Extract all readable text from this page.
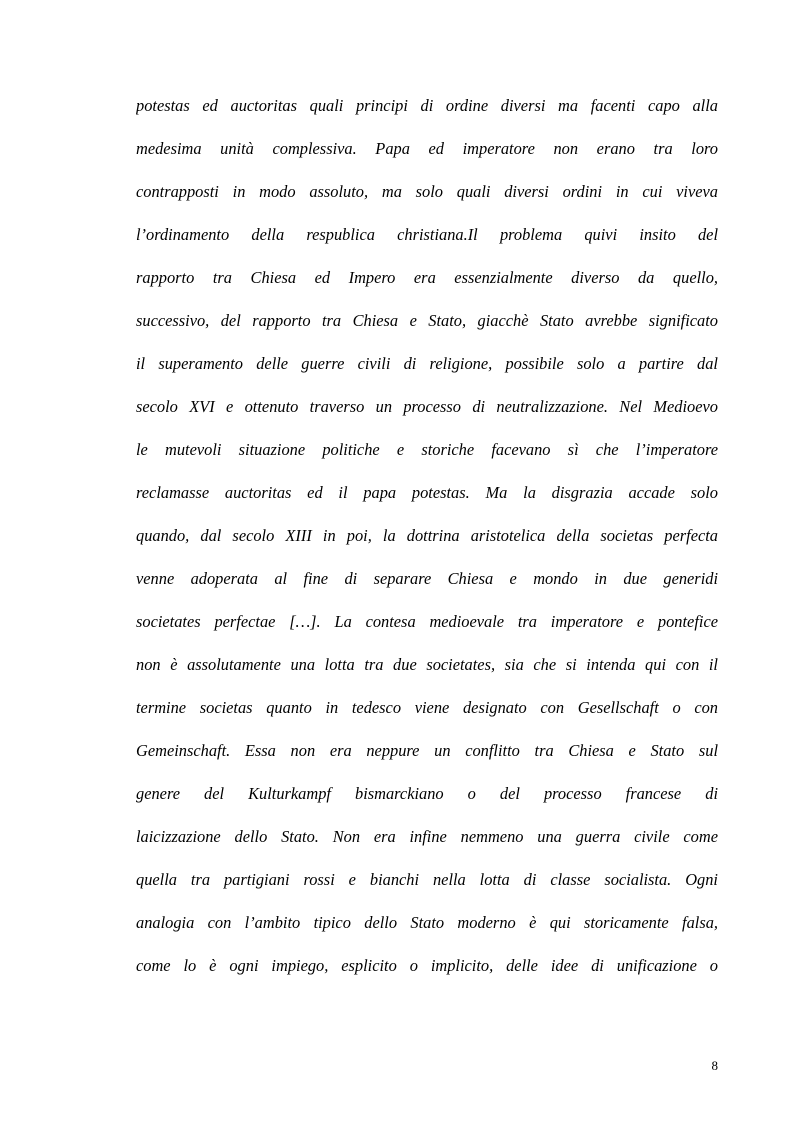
potestas ed auctoritas quali principi di ordine diversi ma facenti capo alla
medesima unità complessiva. Papa ed imperatore non erano tra loro
contrapposti in modo assoluto, ma solo quali diversi ordini in cui viveva
l’ordinamento della respublica christiana.Il problema quivi insito del
rapporto tra Chiesa ed Impero era essenzialmente diverso da quello,
successivo, del rapporto tra Chiesa e Stato, giacchè Stato avrebbe significato
il superamento delle guerre civili di religione, possibile solo a partire dal
secolo XVI e ottenuto traverso un processo di neutralizzazione. Nel Medioevo
le mutevoli situazione politiche e storiche facevano sì che l’imperatore
reclamasse auctoritas ed il papa potestas. Ma la disgrazia accade solo
quando, dal secolo XIII in poi, la dottrina aristotelica della societas perfecta
venne adoperata al fine di separare Chiesa e mondo in due generidi
societates perfectae […]. La contesa medioevale tra imperatore e pontefice
non è assolutamente una lotta tra due societates, sia che si intenda qui con il
termine societas quanto in tedesco viene designato con Gesellschaft o con
Gemeinschaft. Essa non era neppure un conflitto tra Chiesa e Stato sul
genere del Kulturkampf bismarckiano o del processo francese di
laicizzazione dello Stato. Non era infine nemmeno una guerra civile come
quella tra partigiani rossi e bianchi nella lotta di classe socialista. Ogni
analogia con l’ambito tipico dello Stato moderno è qui storicamente falsa,
come lo è ogni impiego, esplicito o implicito, delle idee di unificazione o
8
